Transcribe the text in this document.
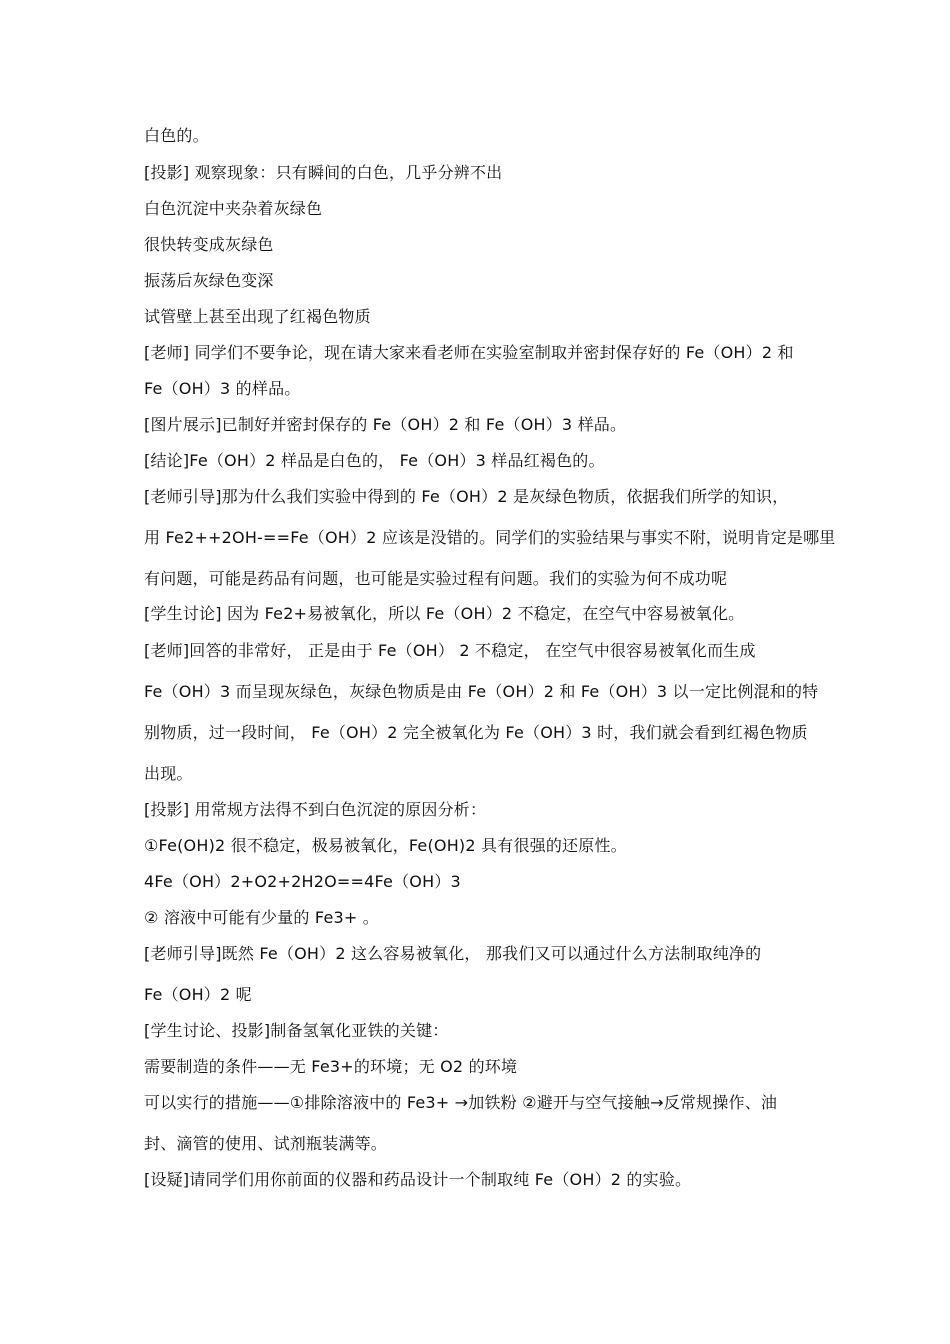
白色的。
[投影] 观察现象：只有瞬间的白色，几乎分辨不出
白色沉淀中夹杂着灰绿色
很快转变成灰绿色
振荡后灰绿色变深
试管壁上甚至出现了红褐色物质
[老师] 同学们不要争论，现在请大家来看老师在实验室制取并密封保存好的 Fe（OH）2 和
Fe（OH）3 的样品。
[图片展示]已制好并密封保存的 Fe（OH）2 和 Fe（OH）3 样品。
[结论]Fe（OH）2 样品是白色的， Fe（OH）3 样品红褐色的。
[老师引导]那为什么我们实验中得到的 Fe（OH）2 是灰绿色物质，依据我们所学的知识，
用 Fe2++2OH-==Fe（OH）2 应该是没错的。同学们的实验结果与事实不附，说明肯定是哪里
有问题，可能是药品有问题，也可能是实验过程有问题。我们的实验为何不成功呢
[学生讨论] 因为 Fe2+易被氧化，所以 Fe（OH）2 不稳定，在空气中容易被氧化。
[老师]回答的非常好， 正是由于 Fe（OH） 2 不稳定， 在空气中很容易被氧化而生成
Fe（OH）3 而呈现灰绿色，灰绿色物质是由 Fe（OH）2 和 Fe（OH）3 以一定比例混和的特
别物质，过一段时间， Fe（OH）2 完全被氧化为 Fe（OH）3 时，我们就会看到红褐色物质
出现。
[投影] 用常规方法得不到白色沉淀的原因分析：
①Fe(OH)2 很不稳定，极易被氧化，Fe(OH)2 具有很强的还原性。
4Fe（OH）2+O2+2H2O==4Fe（OH）3
② 溶液中可能有少量的 Fe3+ 。
[老师引导]既然 Fe（OH）2 这么容易被氧化， 那我们又可以通过什么方法制取纯净的
Fe（OH）2 呢
[学生讨论、投影]制备氢氧化亚铁的关键：
需要制造的条件——无 Fe3+的环境；无 O2 的环境
可以实行的措施——①排除溶液中的 Fe3+ →加铁粉 ②避开与空气接触→反常规操作、油
封、滴管的使用、试剂瓶装满等。
[设疑]请同学们用你前面的仪器和药品设计一个制取纯 Fe（OH）2 的实验。
